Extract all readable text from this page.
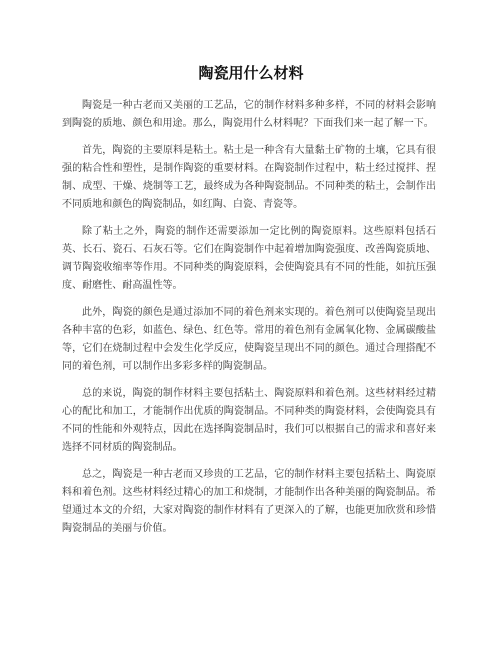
陶瓷用什么材料

陶瓷是一种古老而又美丽的工艺品，它的制作材料多种多样，不同的材料会影响到陶瓷的质地、颜色和用途。那么，陶瓷用什么材料呢？下面我们来一起了解一下。

首先，陶瓷的主要原料是粘土。粘土是一种含有大量黏土矿物的土壤，它具有很强的粘合性和塑性，是制作陶瓷的重要材料。在陶瓷制作过程中，粘土经过搅拌、捏制、成型、干燥、烧制等工艺，最终成为各种陶瓷制品。不同种类的粘土，会制作出不同质地和颜色的陶瓷制品，如红陶、白瓷、青瓷等。

除了粘土之外，陶瓷的制作还需要添加一定比例的陶瓷原料。这些原料包括石英、长石、瓷石、石灰石等。它们在陶瓷制作中起着增加陶瓷强度、改善陶瓷质地、调节陶瓷收缩率等作用。不同种类的陶瓷原料，会使陶瓷具有不同的性能，如抗压强度、耐磨性、耐高温性等。

此外，陶瓷的颜色是通过添加不同的着色剂来实现的。着色剂可以使陶瓷呈现出各种丰富的色彩，如蓝色、绿色、红色等。常用的着色剂有金属氧化物、金属碳酸盐等，它们在烧制过程中会发生化学反应，使陶瓷呈现出不同的颜色。通过合理搭配不同的着色剂，可以制作出多彩多样的陶瓷制品。

总的来说，陶瓷的制作材料主要包括粘土、陶瓷原料和着色剂。这些材料经过精心的配比和加工，才能制作出优质的陶瓷制品。不同种类的陶瓷材料，会使陶瓷具有不同的性能和外观特点，因此在选择陶瓷制品时，我们可以根据自己的需求和喜好来选择不同材质的陶瓷制品。

总之，陶瓷是一种古老而又珍贵的工艺品，它的制作材料主要包括粘土、陶瓷原料和着色剂。这些材料经过精心的加工和烧制，才能制作出各种美丽的陶瓷制品。希望通过本文的介绍，大家对陶瓷的制作材料有了更深入的了解，也能更加欣赏和珍惜陶瓷制品的美丽与价值。
